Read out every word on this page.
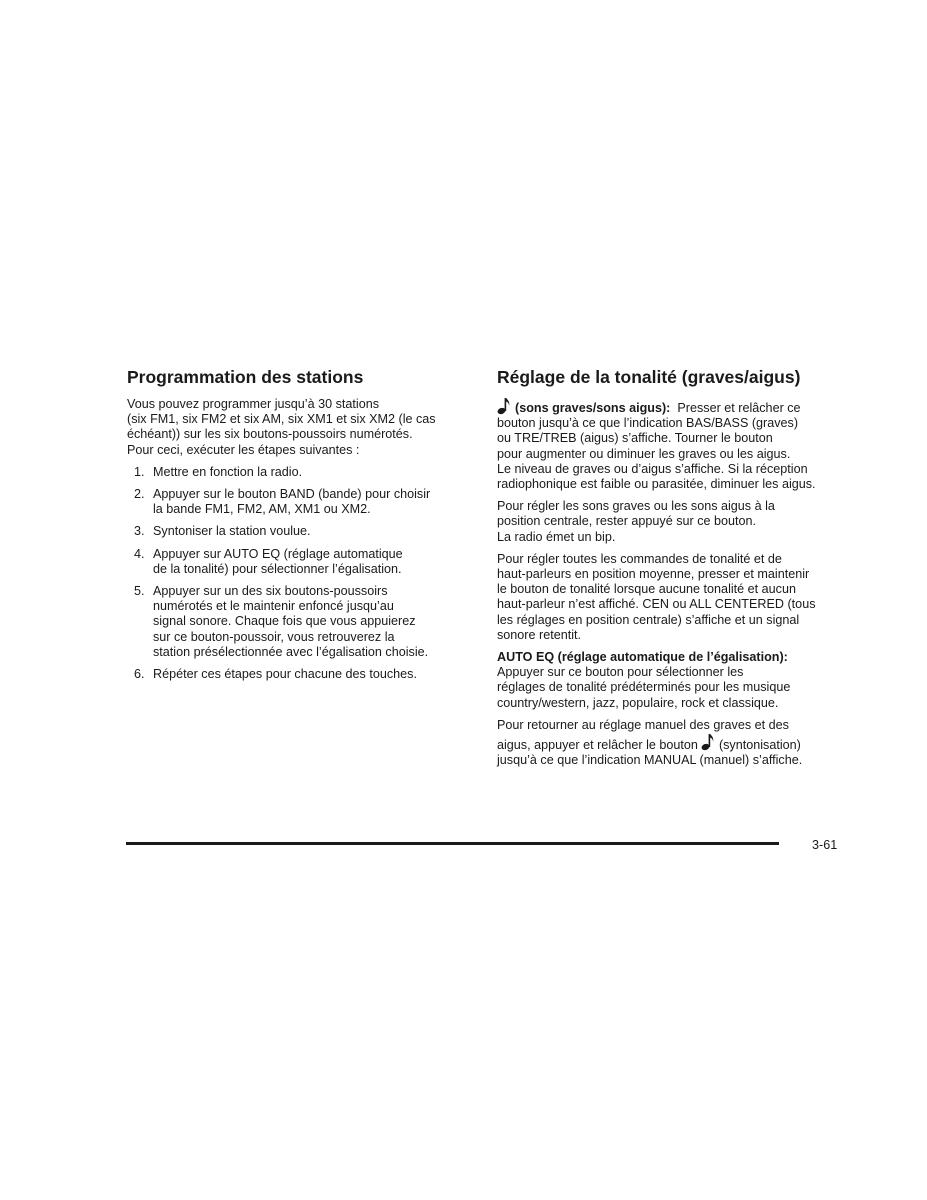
Programmation des stations

Vous pouvez programmer jusqu’à 30 stations
(six FM1, six FM2 et six AM, six XM1 et six XM2 (le cas
échéant)) sur les six boutons-poussoirs numérotés.
Pour ceci, exécuter les étapes suivantes :

1. Mettre en fonction la radio.
2. Appuyer sur le bouton BAND (bande) pour choisir
la bande FM1, FM2, AM, XM1 ou XM2.
3. Syntoniser la station voulue.
4. Appuyer sur AUTO EQ (réglage automatique
de la tonalité) pour sélectionner l’égalisation.
5. Appuyer sur un des six boutons-poussoirs
numérotés et le maintenir enfoncé jusqu’au
signal sonore. Chaque fois que vous appuierez
sur ce bouton-poussoir, vous retrouverez la
station présélectionnée avec l’égalisation choisie.
6. Répéter ces étapes pour chacune des touches.
Réglage de la tonalité (graves/aigus)

(sons graves/sons aigus): Presser et relâcher ce
bouton jusqu’à ce que l’indication BAS/BASS (graves)
ou TRE/TREB (aigus) s’affiche. Tourner le bouton
pour augmenter ou diminuer les graves ou les aigus.
Le niveau de graves ou d’aigus s’affiche. Si la réception
radiophonique est faible ou parasitée, diminuer les aigus.

Pour régler les sons graves ou les sons aigus à la
position centrale, rester appuyé sur ce bouton.
La radio émet un bip.

Pour régler toutes les commandes de tonalité et de
haut-parleurs en position moyenne, presser et maintenir
le bouton de tonalité lorsque aucune tonalité et aucun
haut-parleur n’est affiché. CEN ou ALL CENTERED (tous
les réglages en position centrale) s’affiche et un signal
sonore retentit.

AUTO EQ (réglage automatique de l’égalisation):
Appuyer sur ce bouton pour sélectionner les
réglages de tonalité prédéterminés pour les musique
country/western, jazz, populaire, rock et classique.

Pour retourner au réglage manuel des graves et des
aigus, appuyer et relâcher le bouton (syntonisation)
jusqu’à ce que l’indication MANUAL (manuel) s’affiche.

3-61
